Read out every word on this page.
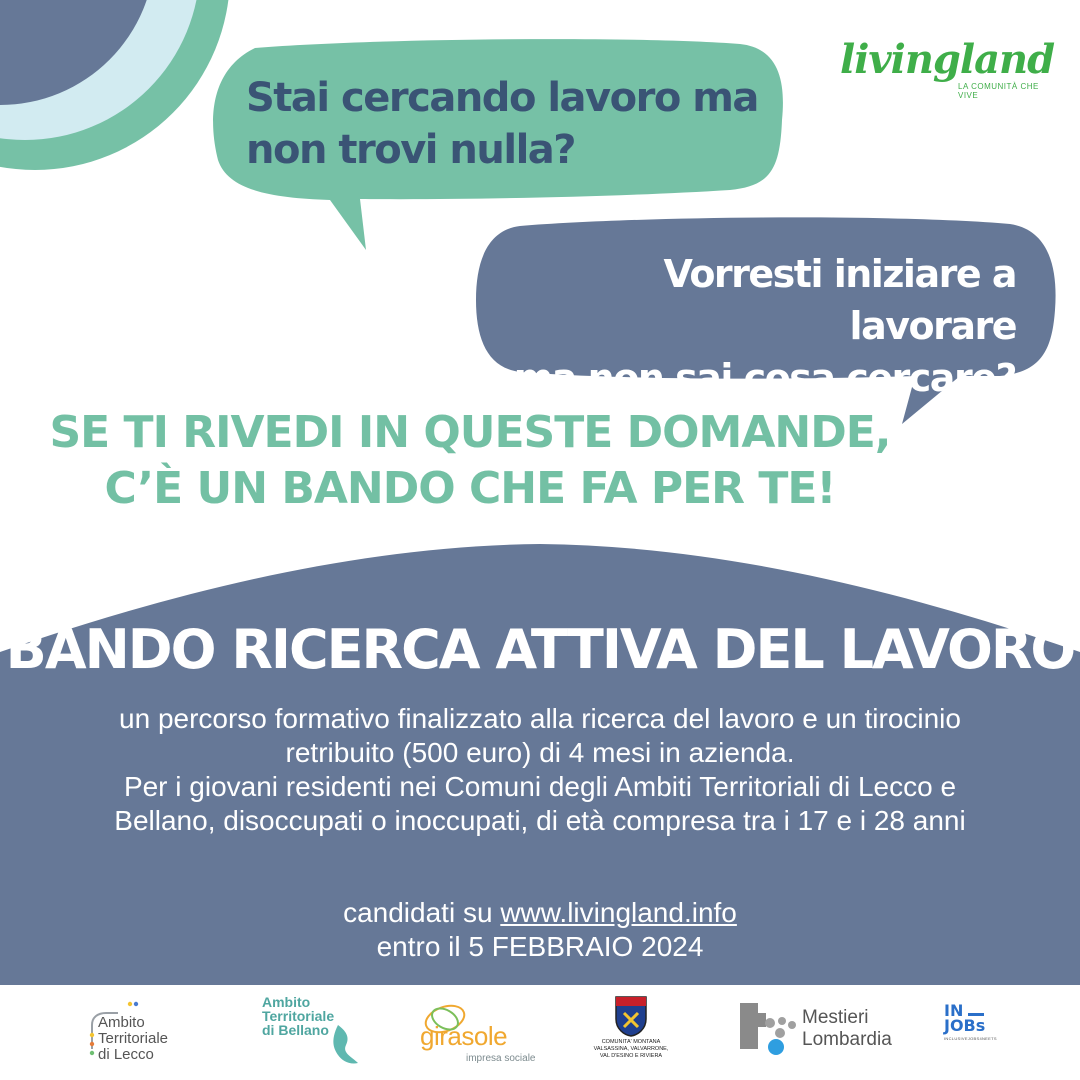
livingland
LA COMUNITÀ CHE VIVE
Stai cercando lavoro ma
non trovi nulla?
Vorresti iniziare a lavorare
ma non sai cosa cercare?
SE TI RIVEDI IN QUESTE DOMANDE,
C’È UN BANDO CHE FA PER TE!
BANDO RICERCA ATTIVA DEL LAVORO
un percorso formativo finalizzato alla ricerca del lavoro e un tirocinio
retribuito (500 euro) di 4 mesi in azienda.
Per i giovani residenti nei Comuni degli Ambiti Territoriali di Lecco e
Bellano, disoccupati o inoccupati, di età compresa tra i 17 e i 28 anni
candidati su www.livingland.info
entro il 5 FEBBRAIO 2024
Ambito
Territoriale
di Lecco
Ambito
Territoriale
di Bellano	girasole
impresa sociale
COMUNITA' MONTANA
VALSASSINA, VALVARRONE,
VAL D'ESINO E RIVIERA
Mestieri
Lombardia
IN
JOBs
INCLUSIVEJOBS4NEETS
